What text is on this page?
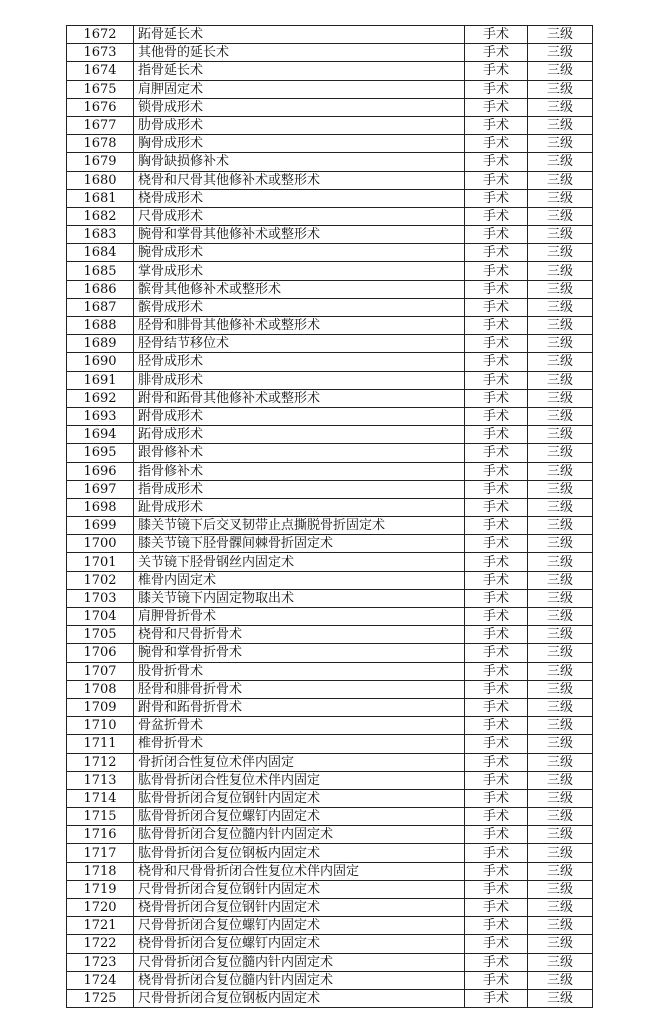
1672	跖骨延长术	手术	三级
1673	其他骨的延长术	手术	三级
1674	指骨延长术	手术	三级
1675	肩胛固定术	手术	三级
1676	锁骨成形术	手术	三级
1677	肋骨成形术	手术	三级
1678	胸骨成形术	手术	三级
1679	胸骨缺损修补术	手术	三级
1680	桡骨和尺骨其他修补术或整形术	手术	三级
1681	桡骨成形术	手术	三级
1682	尺骨成形术	手术	三级
1683	腕骨和掌骨其他修补术或整形术	手术	三级
1684	腕骨成形术	手术	三级
1685	掌骨成形术	手术	三级
1686	髌骨其他修补术或整形术	手术	三级
1687	髌骨成形术	手术	三级
1688	胫骨和腓骨其他修补术或整形术	手术	三级
1689	胫骨结节移位术	手术	三级
1690	胫骨成形术	手术	三级
1691	腓骨成形术	手术	三级
1692	跗骨和跖骨其他修补术或整形术	手术	三级
1693	跗骨成形术	手术	三级
1694	跖骨成形术	手术	三级
1695	跟骨修补术	手术	三级
1696	指骨修补术	手术	三级
1697	指骨成形术	手术	三级
1698	趾骨成形术	手术	三级
1699	膝关节镜下后交叉韧带止点撕脱骨折固定术	手术	三级
1700	膝关节镜下胫骨髁间棘骨折固定术	手术	三级
1701	关节镜下胫骨钢丝内固定术	手术	三级
1702	椎骨内固定术	手术	三级
1703	膝关节镜下内固定物取出术	手术	三级
1704	肩胛骨折骨术	手术	三级
1705	桡骨和尺骨折骨术	手术	三级
1706	腕骨和掌骨折骨术	手术	三级
1707	股骨折骨术	手术	三级
1708	胫骨和腓骨折骨术	手术	三级
1709	跗骨和跖骨折骨术	手术	三级
1710	骨盆折骨术	手术	三级
1711	椎骨折骨术	手术	三级
1712	骨折闭合性复位术伴内固定	手术	三级
1713	肱骨骨折闭合性复位术伴内固定	手术	三级
1714	肱骨骨折闭合复位钢针内固定术	手术	三级
1715	肱骨骨折闭合复位螺钉内固定术	手术	三级
1716	肱骨骨折闭合复位髓内针内固定术	手术	三级
1717	肱骨骨折闭合复位钢板内固定术	手术	三级
1718	桡骨和尺骨骨折闭合性复位术伴内固定	手术	三级
1719	尺骨骨折闭合复位钢针内固定术	手术	三级
1720	桡骨骨折闭合复位钢针内固定术	手术	三级
1721	尺骨骨折闭合复位螺钉内固定术	手术	三级
1722	桡骨骨折闭合复位螺钉内固定术	手术	三级
1723	尺骨骨折闭合复位髓内针内固定术	手术	三级
1724	桡骨骨折闭合复位髓内针内固定术	手术	三级
1725	尺骨骨折闭合复位钢板内固定术	手术	三级
